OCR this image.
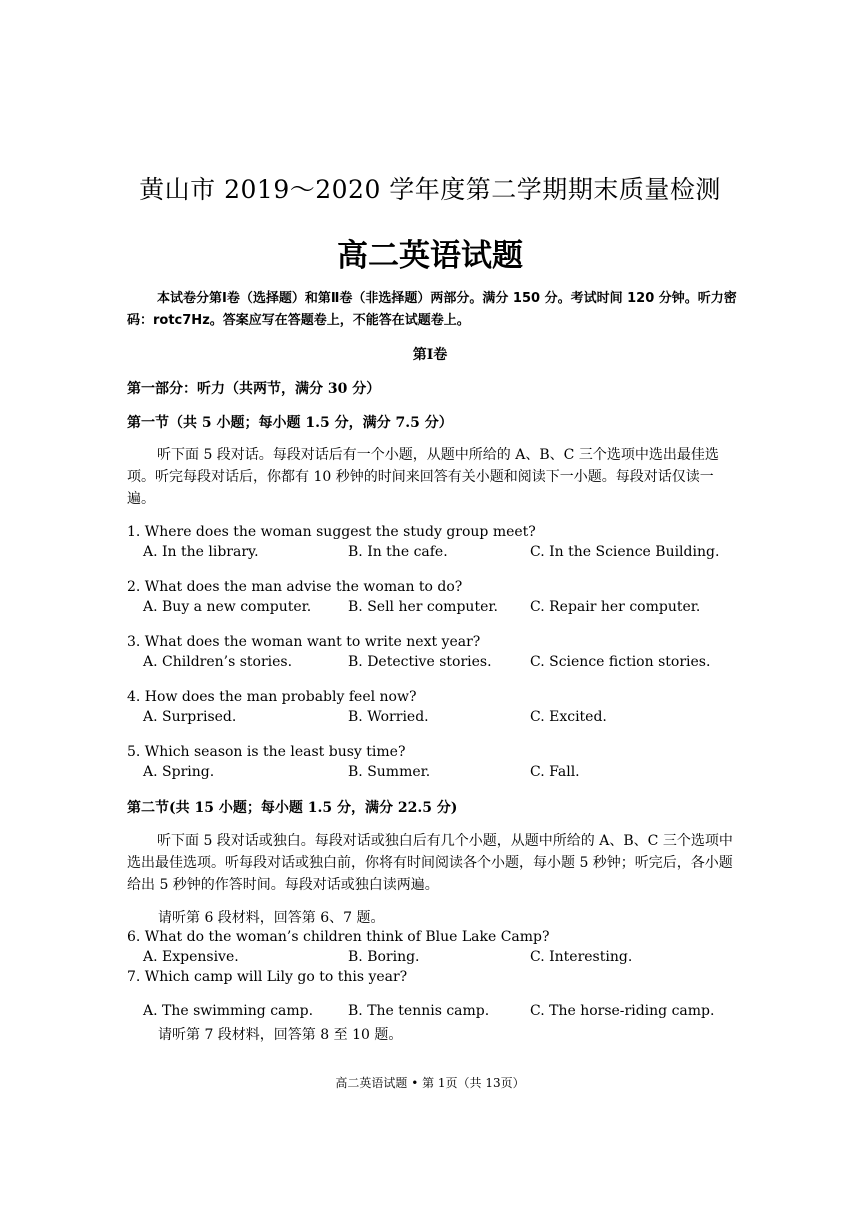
黄山市 2019～2020 学年度第二学期期末质量检测
高二英语试题
本试卷分第Ⅰ卷（选择题）和第Ⅱ卷（非选择题）两部分。满分 150 分。考试时间 120 分钟。听力密码：rotc7Hz。答案应写在答题卷上，不能答在试题卷上。
第Ⅰ卷
第一部分：听力（共两节，满分 30 分）
第一节（共 5 小题；每小题 1.5 分，满分 7.5 分）
听下面 5 段对话。每段对话后有一个小题，从题中所给的 A、B、C 三个选项中选出最佳选项。听完每段对话后，你都有 10 秒钟的时间来回答有关小题和阅读下一小题。每段对话仅读一遍。
1. Where does the woman suggest the study group meet?
A. In the library.	B. In the cafe.	C. In the Science Building.
2. What does the man advise the woman to do?
A. Buy a new computer.	B. Sell her computer. C. Repair her computer.
3. What does the woman want to write next year?
A. Children’s stories.	B. Detective stories.	C. Science fiction stories.
4. How does the man probably feel now?
A. Surprised.	B. Worried.	C. Excited.
5. Which season is the least busy time?
A. Spring.	B. Summer.	C. Fall.
第二节(共 15 小题；每小题 1.5 分，满分 22.5 分)
听下面 5 段对话或独白。每段对话或独白后有几个小题，从题中所给的 A、B、C 三个选项中选出最佳选项。听每段对话或独白前，你将有时间阅读各个小题，每小题 5 秒钟；听完后，各小题给出 5 秒钟的作答时间。每段对话或独白读两遍。
请听第 6 段材料，回答第 6、7 题。
6. What do the woman’s children think of Blue Lake Camp?
A. Expensive.	B. Boring.	C. Interesting.
7. Which camp will Lily go to this year?
A. The swimming camp. B. The tennis camp.	C. The horse-riding camp.
请听第 7 段材料，回答第 8 至 10 题。
高二英语试题 • 第 1页（共 13页）
